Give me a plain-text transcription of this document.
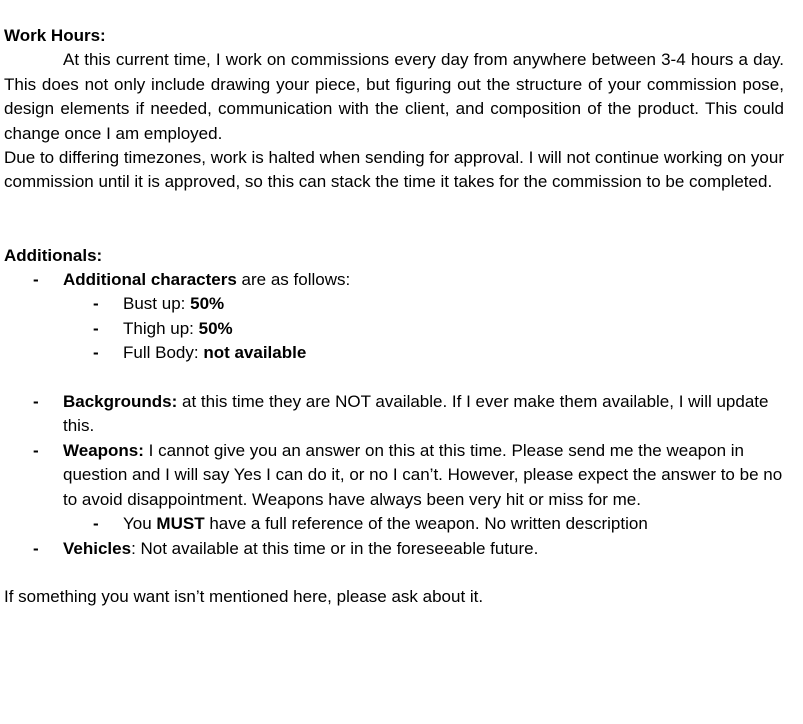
Work Hours:

At this current time, I work on commissions every day from anywhere between 3-4 hours a day. This does not only include drawing your piece, but figuring out the structure of your commission pose, design elements if needed, communication with the client, and composition of the product. This could change once I am employed.

Due to differing timezones, work is halted when sending for approval. I will not continue working on your commission until it is approved, so this can stack the time it takes for the commission to be completed.

Additionals:

- Additional characters are as follows:
- Bust up: 50%
- Thigh up: 50%
- Full Body: not available
- Backgrounds: at this time they are NOT available. If I ever make them available, I will update this.
- Weapons: I cannot give you an answer on this at this time. Please send me the weapon in question and I will say Yes I can do it, or no I can’t. However, please expect the answer to be no to avoid disappointment. Weapons have always been very hit or miss for me.
- You MUST have a full reference of the weapon. No written description
- Vehicles: Not available at this time or in the foreseeable future.

If something you want isn’t mentioned here, please ask about it.
